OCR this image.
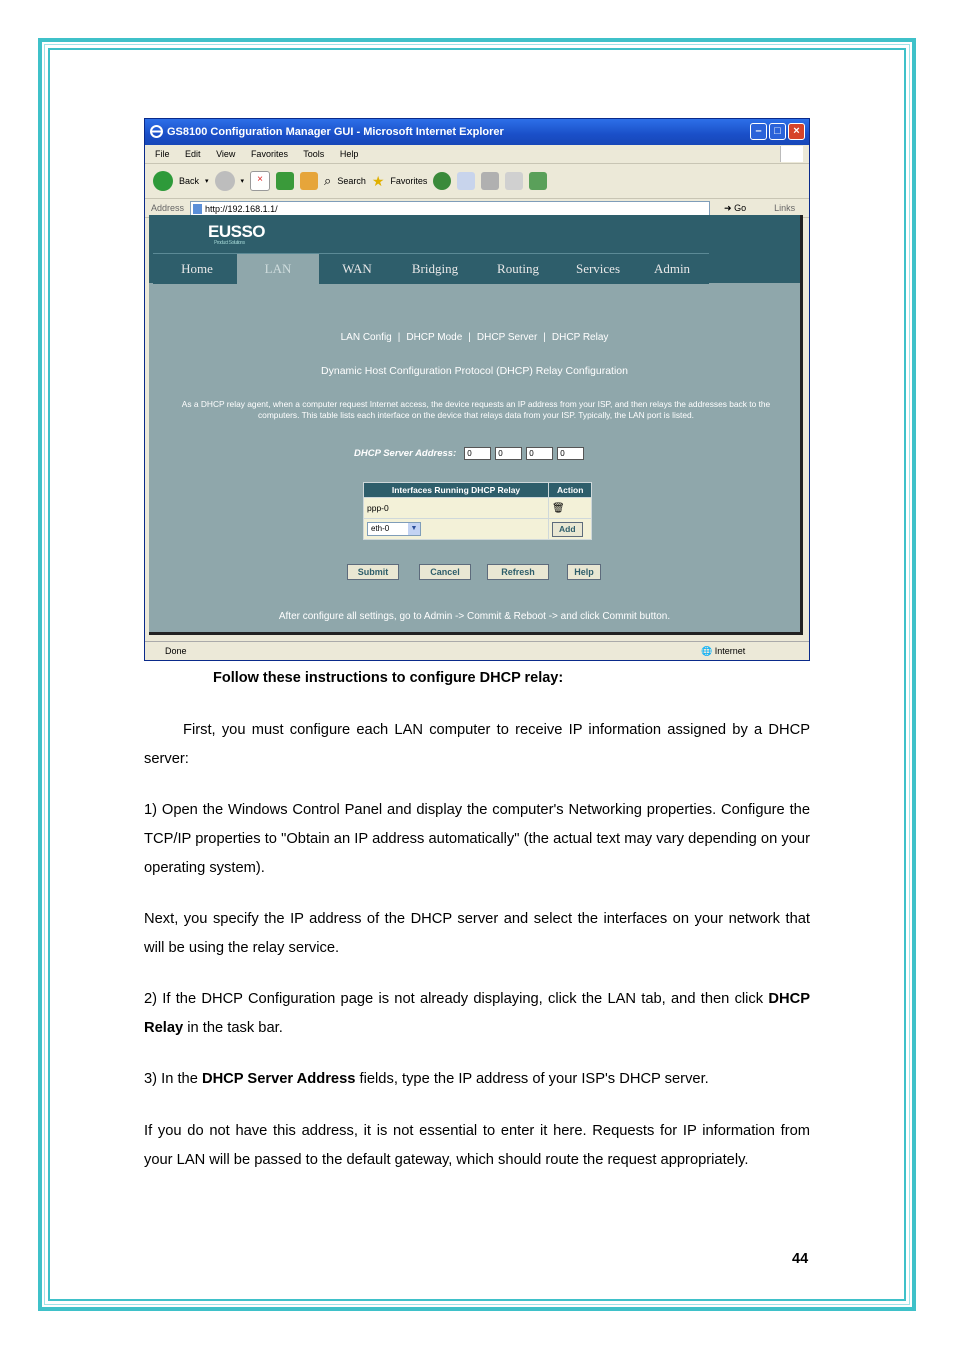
GS8100 Configuration Manager GUI - Microsoft Internet Explorer	–	□	×
File Edit View Favorites Tools Help
Back ▾	▾	×	⌕ Search ★ Favorites
Address	http://192.168.1.1/	➜ Go	Links
EUSSO
Product Solutions
Home	LAN	WAN	Bridging	Routing	Services	Admin
LAN Config | DHCP Mode | DHCP Server | DHCP Relay
Dynamic Host Configuration Protocol (DHCP) Relay Configuration
As a DHCP relay agent, when a computer request Internet access, the device requests an IP address from your ISP, and then relays the addresses back to the computers. This table lists each interface on the device that relays data from your ISP. Typically, the LAN port is listed.
DHCP Server Address:	0	0	0	0
Interfaces Running DHCP Relay	Action
ppp-0	🗑
eth-0 ▼	Add
Submit	Cancel	Refresh	Help
After configure all settings, go to Admin -> Commit & Reboot -> and click Commit button.
Done	🌐 Internet
Follow these instructions to configure DHCP relay:
First, you must configure each LAN computer to receive IP information assigned by a DHCP server:
1) Open the Windows Control Panel and display the computer's Networking properties. Configure the TCP/IP properties to "Obtain an IP address automatically" (the actual text may vary depending on your operating system).
Next, you specify the IP address of the DHCP server and select the interfaces on your network that will be using the relay service.
2) If the DHCP Configuration page is not already displaying, click the LAN tab, and then click DHCP Relay in the task bar.
3) In the DHCP Server Address fields, type the IP address of your ISP's DHCP server.
If you do not have this address, it is not essential to enter it here. Requests for IP information from your LAN will be passed to the default gateway, which should route the request appropriately.
44
